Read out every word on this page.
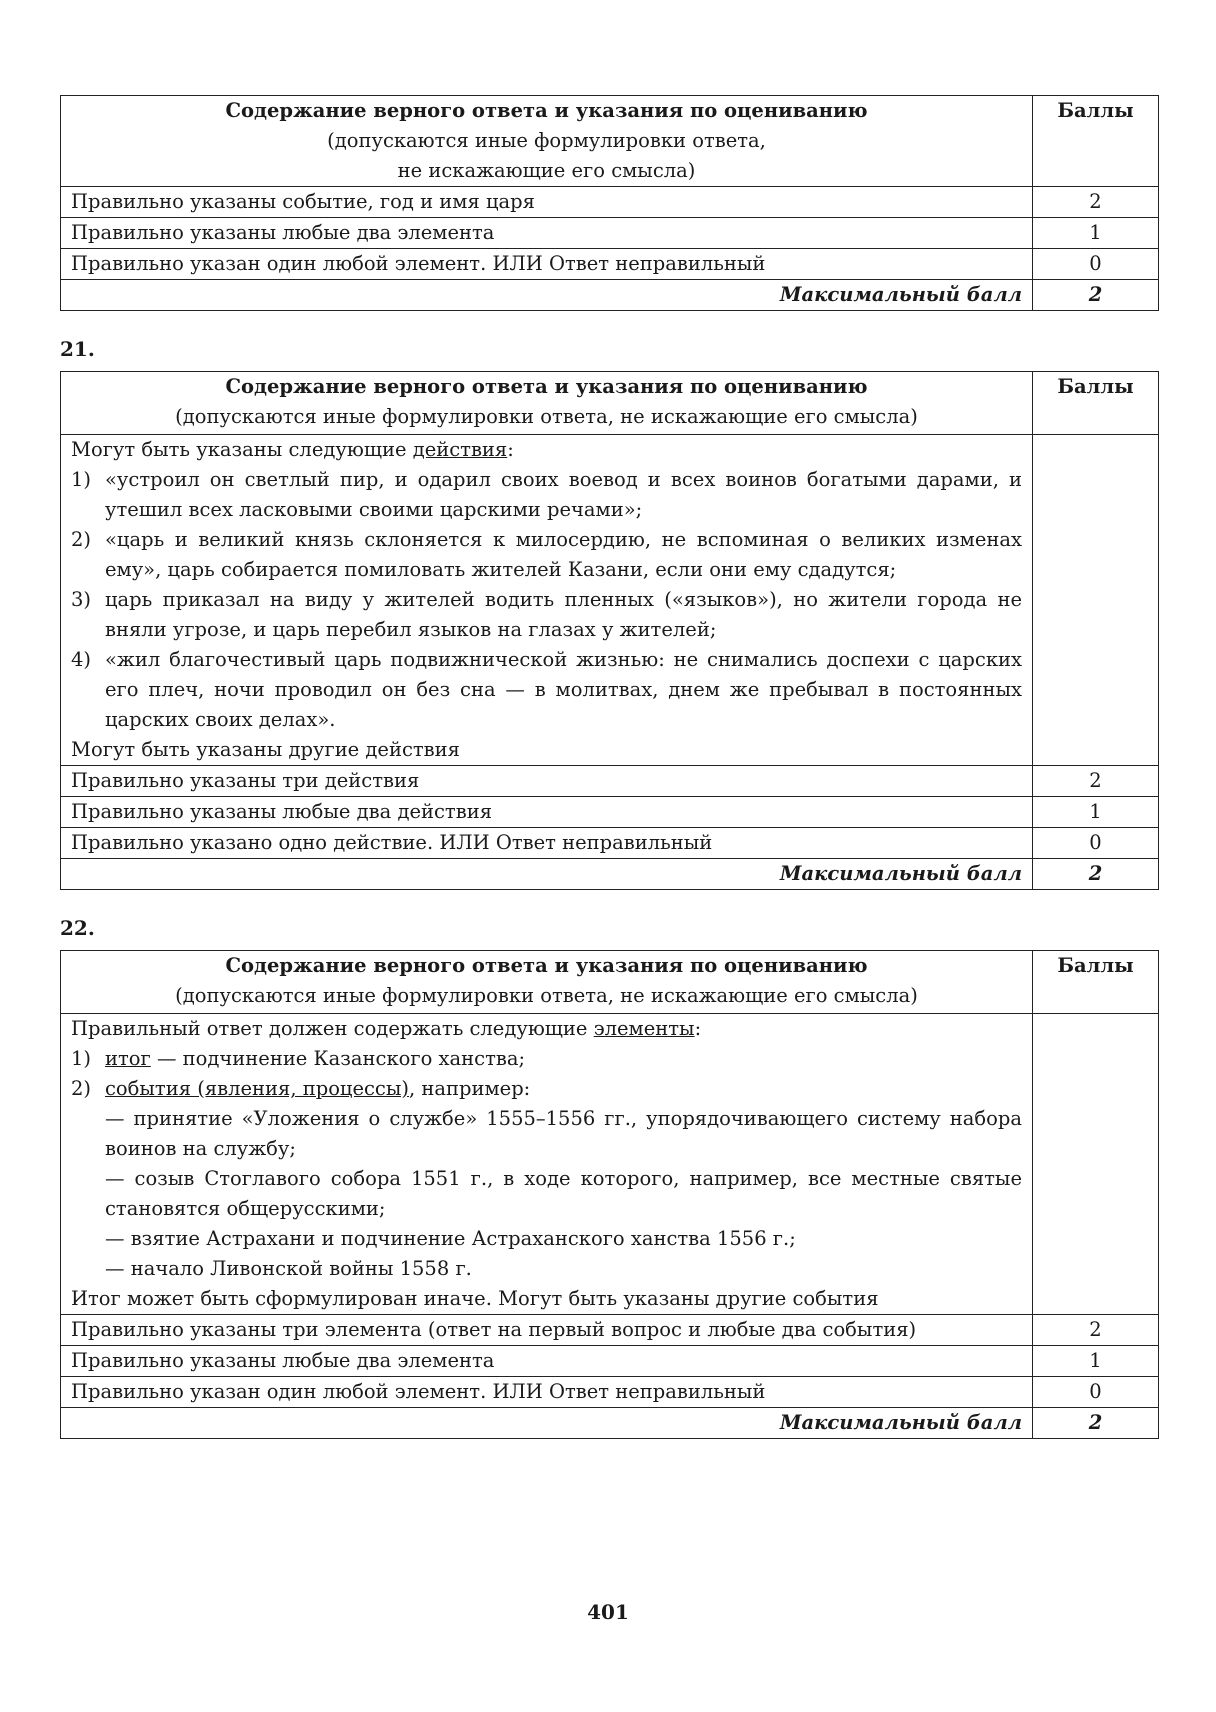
Содержание верного ответа и указания по оцениванию
(допускаются иные формулировки ответа,
не искажающие его смысла)	Баллы
Правильно указаны событие, год и имя царя	2
Правильно указаны любые два элемента	1
Правильно указан один любой элемент. ИЛИ Ответ неправильный	0
Максимальный балл	2
21.
Содержание верного ответа и указания по оцениванию
(допускаются иные формулировки ответа, не искажающие его смысла)	Баллы

Могут быть указаны следующие действия:
1) «устроил он светлый пир, и одарил своих воевод и всех воинов богатыми дарами, и утешил всех ласковыми своими царскими речами»;
2) «царь и великий князь склоняется к милосердию, не вспоминая о великих изменах ему», царь собирается помиловать жителей Казани, если они ему сдадутся;
3) царь приказал на виду у жителей водить пленных («языков»), но жители города не вняли угрозе, и царь перебил языков на глазах у жителей;
4) «жил благочестивый царь подвижнической жизнью: не снимались доспехи с царских его плеч, ночи проводил он без сна — в молитвах, днем же пребывал в постоянных царских своих делах».
Могут быть указаны другие действия

Правильно указаны три действия	2
Правильно указаны любые два действия	1
Правильно указано одно действие. ИЛИ Ответ неправильный	0
Максимальный балл	2
22.
Содержание верного ответа и указания по оцениванию
(допускаются иные формулировки ответа, не искажающие его смысла)	Баллы

Правильный ответ должен содержать следующие элементы:
1) итог — подчинение Казанского ханства;
2) события (явления, процессы), например:
— принятие «Уложения о службе» 1555–1556 гг., упорядочивающего систему набора воинов на службу;
— созыв Стоглавого собора 1551 г., в ходе которого, например, все местные святые становятся общерусскими;
— взятие Астрахани и подчинение Астраханского ханства 1556 г.;
— начало Ливонской войны 1558 г.
Итог может быть сформулирован иначе. Могут быть указаны другие события

Правильно указаны три элемента (ответ на первый вопрос и любые два события)	2
Правильно указаны любые два элемента	1
Правильно указан один любой элемент. ИЛИ Ответ неправильный	0
Максимальный балл	2
401
